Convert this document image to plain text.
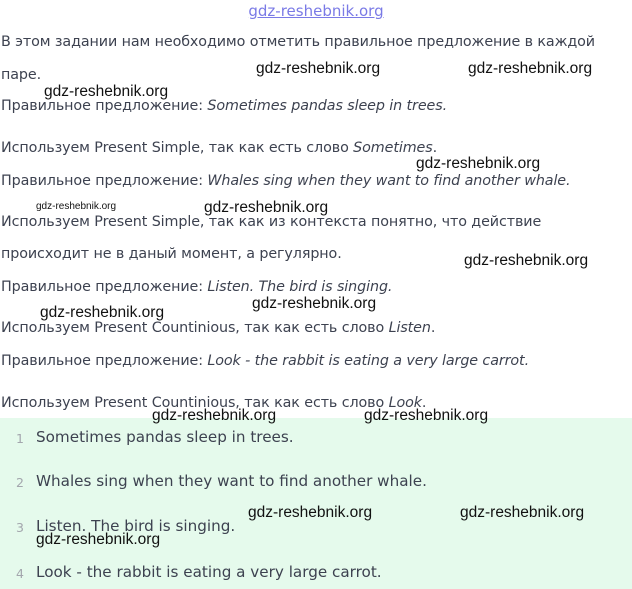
gdz-reshebnik.org
В этом задании нам необходимо отметить правильное предложение в каждой
паре.
Правильное предложение: Sometimes pandas sleep in trees.
Используем Present Simple, так как есть слово Sometimes.
Правильное предложение: Whales sing when they want to find another whale.
Используем Present Simple, так как из контекста понятно, что действие
происходит не в даный момент, а регулярно.
Правильное предложение: Listen. The bird is singing.
Используем Present Countinious, так как есть слово Listen.
Правильное предложение: Look - the rabbit is eating a very large carrot.
Используем Present Countinious, так как есть слово Look.
1 Sometimes pandas sleep in trees.
2 Whales sing when they want to find another whale.
3 Listen. The bird is singing.
4 Look - the rabbit is eating a very large carrot.
gdz-reshebnik.org	gdz-reshebnik.org
gdz-reshebnik.org
gdz-reshebnik.org
gdz-reshebnik.org	gdz-reshebnik.org
gdz-reshebnik.org
gdz-reshebnik.org
gdz-reshebnik.org
gdz-reshebnik.org	gdz-reshebnik.org
gdz-reshebnik.org	gdz-reshebnik.org
gdz-reshebnik.org
